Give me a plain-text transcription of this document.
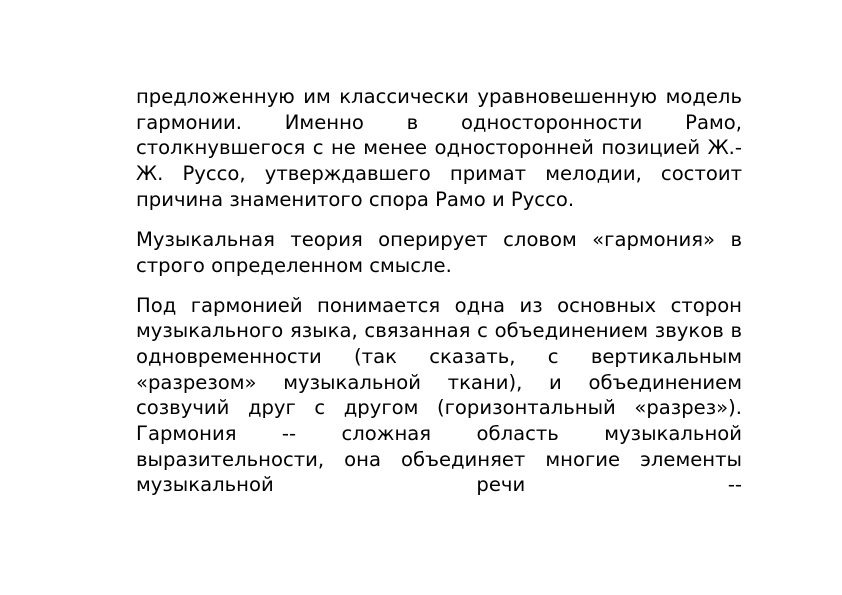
предложенную им классически уравновешенную модель гармонии. Именно в односторонности Рамо, столкнувшегося с не менее односторонней позицией Ж.-Ж. Руссо, утверждавшего примат мелодии, состоит причина знаменитого спора Рамо и Руссо.

Музыкальная теория оперирует словом «гармония» в строго определенном смысле.

Под гармонией понимается одна из основных сторон музыкального языка, связанная с объединением звуков в одновременности (так сказать, с вертикальным «разрезом» музыкальной ткани), и объединением созвучий друг с другом (горизонтальный «разрез»). Гармония -- сложная область музыкальной выразительности, она объединяет многие элементы музыкальной речи --
